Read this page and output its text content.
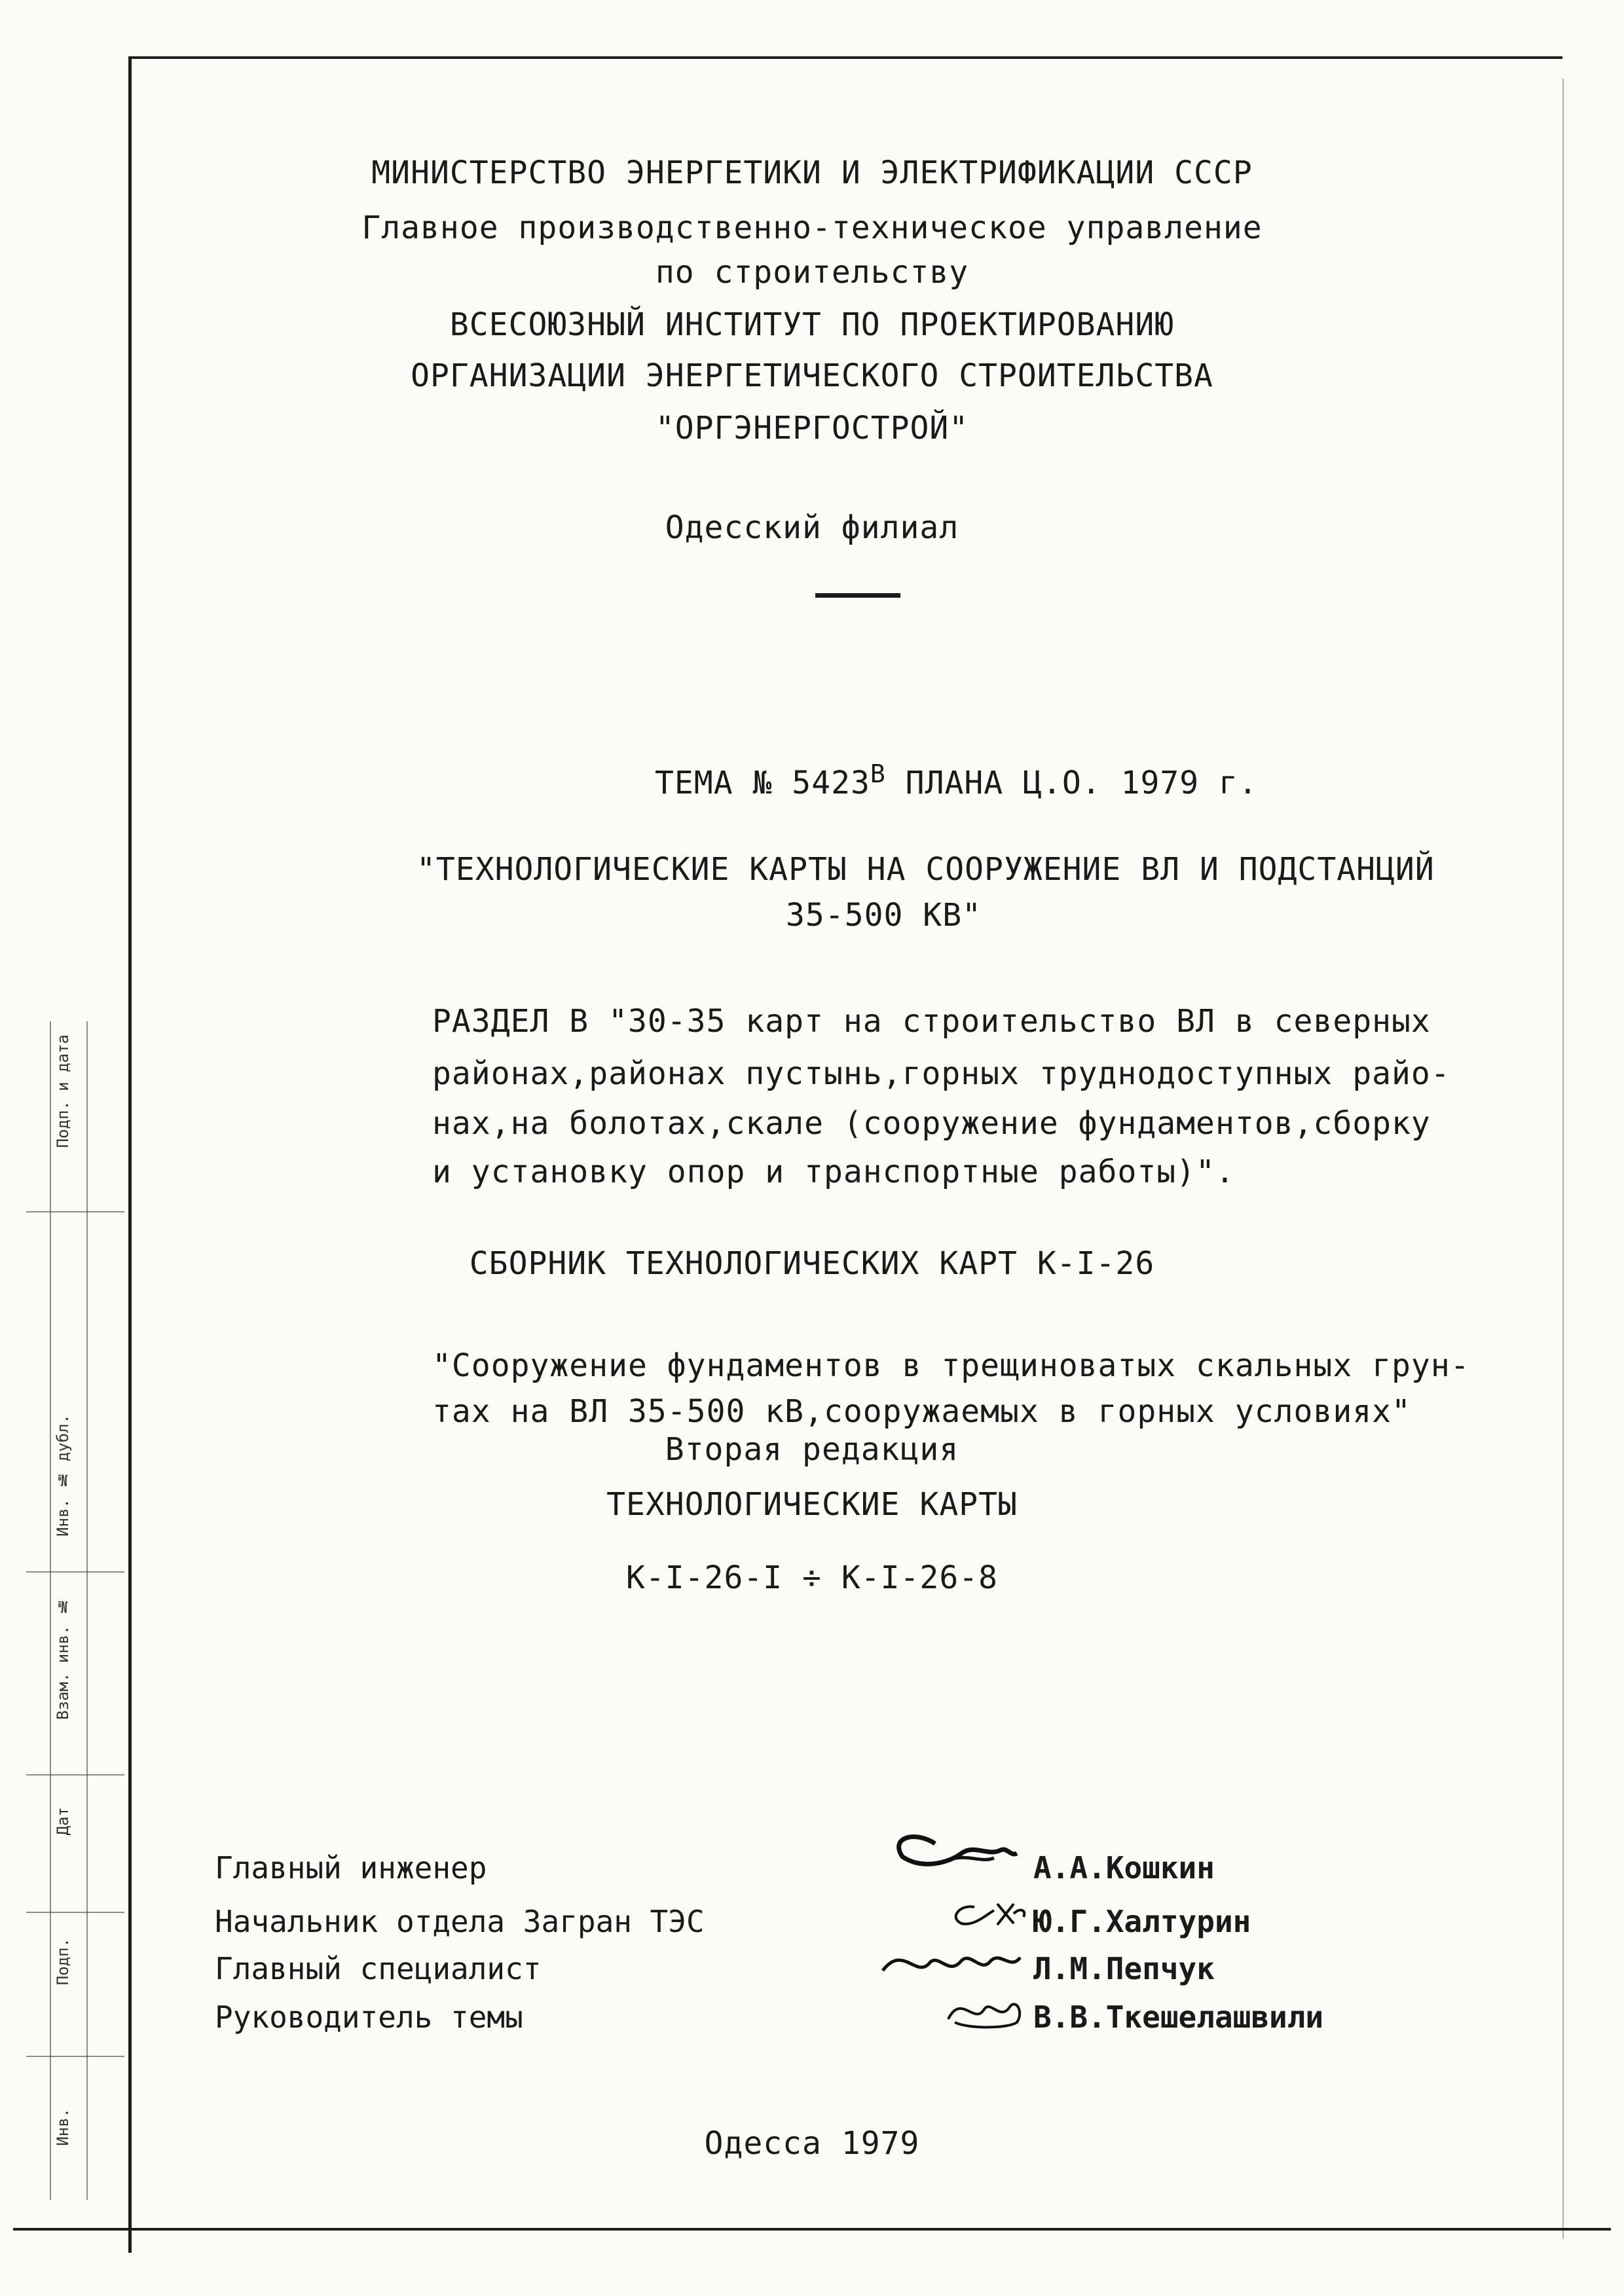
Подп. и дата
Инв. № дубл.
Взам. инв. №
Дат
Подп.
Инв.
МИНИСТЕРСТВО ЭНЕРГЕТИКИ И ЭЛЕКТРИФИКАЦИИ СССР
Главное производственно-техническое управление
по строительству
ВСЕСОЮЗНЫЙ ИНСТИТУТ ПО ПРОЕКТИРОВАНИЮ
ОРГАНИЗАЦИИ ЭНЕРГЕТИЧЕСКОГО СТРОИТЕЛЬСТВА
"ОРГЭНЕРГОСТРОЙ"
Одесский филиал
ТЕМА № $5423^В$ ПЛАНА Ц.О. 1979 г.
"ТЕХНОЛОГИЧЕСКИЕ КАРТЫ НА СООРУЖЕНИЕ ВЛ И ПОДСТАНЦИЙ
35-500 КВ"
РАЗДЕЛ В "30-35 карт на строительство ВЛ в северных
районах,районах пустынь,горных труднодоступных райо-
нах,на болотах,скале (сооружение фундаментов,сборку
и установку опор и транспортные работы)".
СБОРНИК ТЕХНОЛОГИЧЕСКИХ КАРТ К-I-26
"Сооружение фундаментов в трещиноватых скальных грун-
тах на ВЛ 35-500 кВ,сооружаемых в горных условиях"
Вторая редакция
ТЕХНОЛОГИЧЕСКИЕ КАРТЫ
К-I-26-I ÷ К-I-26-8
Главный инженер	А.А.Кошкин
Начальник отдела Загран ТЭС	Ю.Г.Халтурин
Главный специалист	Л.М.Пепчук
Руководитель темы	В.В.Ткешелашвили
Одесса 1979
